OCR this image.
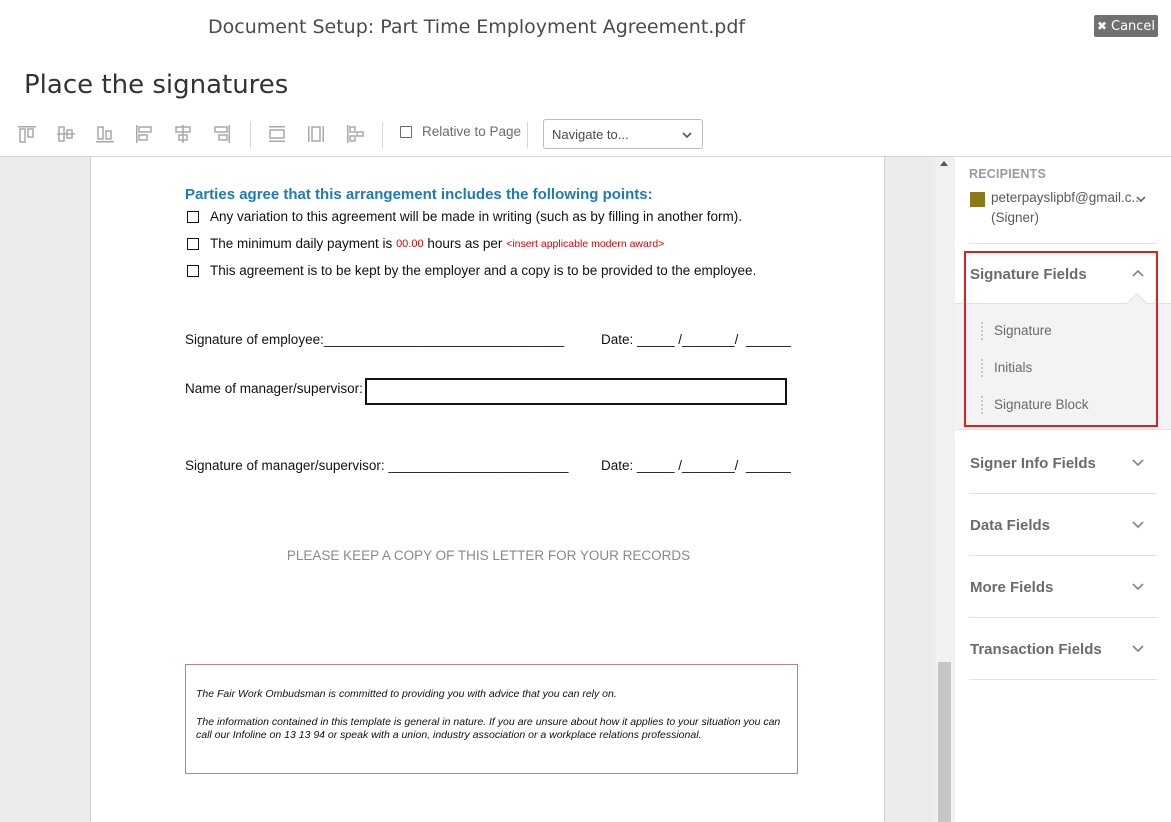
Document Setup: Part Time Employment Agreement.pdf	✖ Cancel
Place the signatures
Relative to Page	Navigate to...
Parties agree that this arrangement includes the following points:
Any variation to this agreement will be made in writing (such as by filling in another form).
The minimum daily payment is 00.00 hours as per <insert applicable modern award>
This agreement is to be kept by the employer and a copy is to be provided to the employee.
Signature of employee:________________________________	Date: _____ /_______/  ______
Name of manager/supervisor:
Signature of manager/supervisor: ________________________ Date: _____ /_______/  ______
PLEASE KEEP A COPY OF THIS LETTER FOR YOUR RECORDS

The Fair Work Ombudsman is committed to providing you with advice that you can rely on.

The information contained in this template is general in nature. If you are unsure about how it applies to your situation you can call our Infoline on 13 13 94 or speak with a union, industry association or a workplace relations professional.

RECIPIENTS
peterpayslipbf@gmail.c...
(Signer)
Signature Fields
Signature
Initials
Signature Block
Signer Info Fields
Data Fields
More Fields
Transaction Fields
